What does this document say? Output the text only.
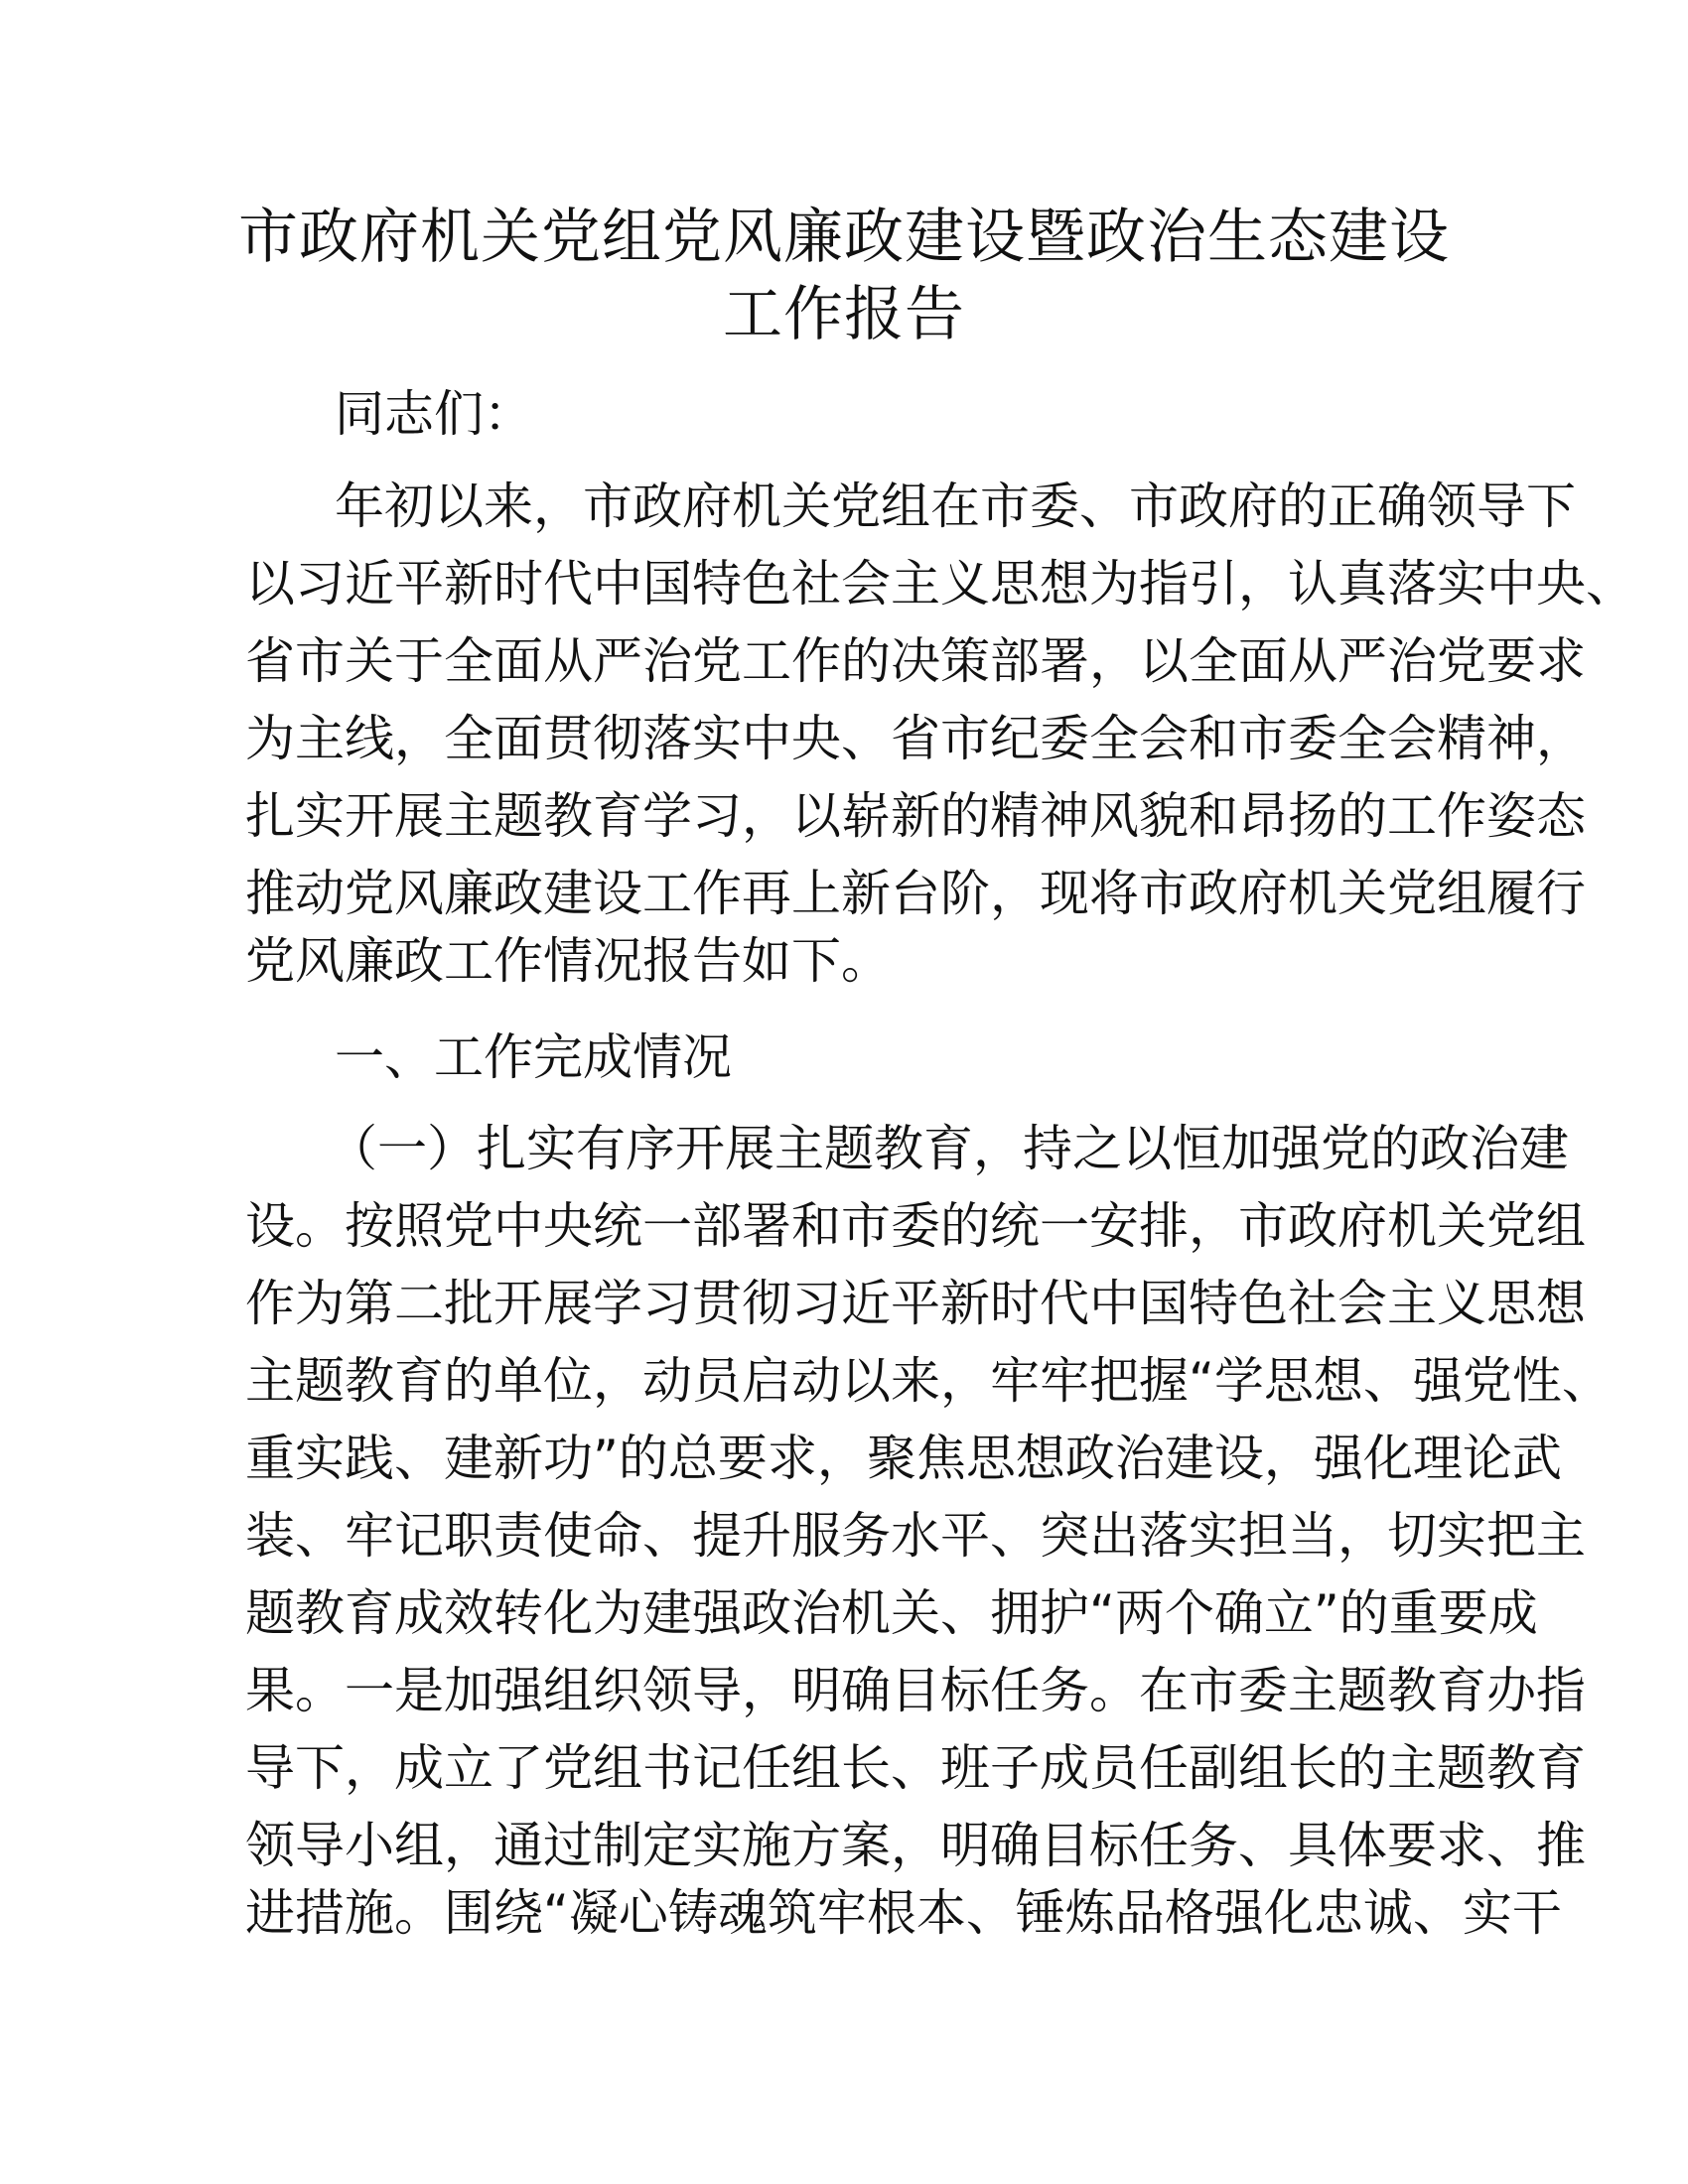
市政府机关党组党风廉政建设暨政治生态建设
工作报告
同志们：
年初以来，市政府机关党组在市委、市政府的正确领导下
以习近平新时代中国特色社会主义思想为指引，认真落实中央、
省市关于全面从严治党工作的决策部署，以全面从严治党要求
为主线，全面贯彻落实中央、省市纪委全会和市委全会精神，
扎实开展主题教育学习，以崭新的精神风貌和昂扬的工作姿态
推动党风廉政建设工作再上新台阶，现将市政府机关党组履行
党风廉政工作情况报告如下。
一、工作完成情况
（一）扎实有序开展主题教育，持之以恒加强党的政治建
设。按照党中央统一部署和市委的统一安排，市政府机关党组
作为第二批开展学习贯彻习近平新时代中国特色社会主义思想
主题教育的单位，动员启动以来，牢牢把握“学思想、强党性、
重实践、建新功”的总要求，聚焦思想政治建设，强化理论武
装、牢记职责使命、提升服务水平、突出落实担当，切实把主
题教育成效转化为建强政治机关、拥护“两个确立”的重要成
果。一是加强组织领导，明确目标任务。在市委主题教育办指
导下，成立了党组书记任组长、班子成员任副组长的主题教育
领导小组，通过制定实施方案，明确目标任务、具体要求、推
进措施。围绕“凝心铸魂筑牢根本、锤炼品格强化忠诚、实干
